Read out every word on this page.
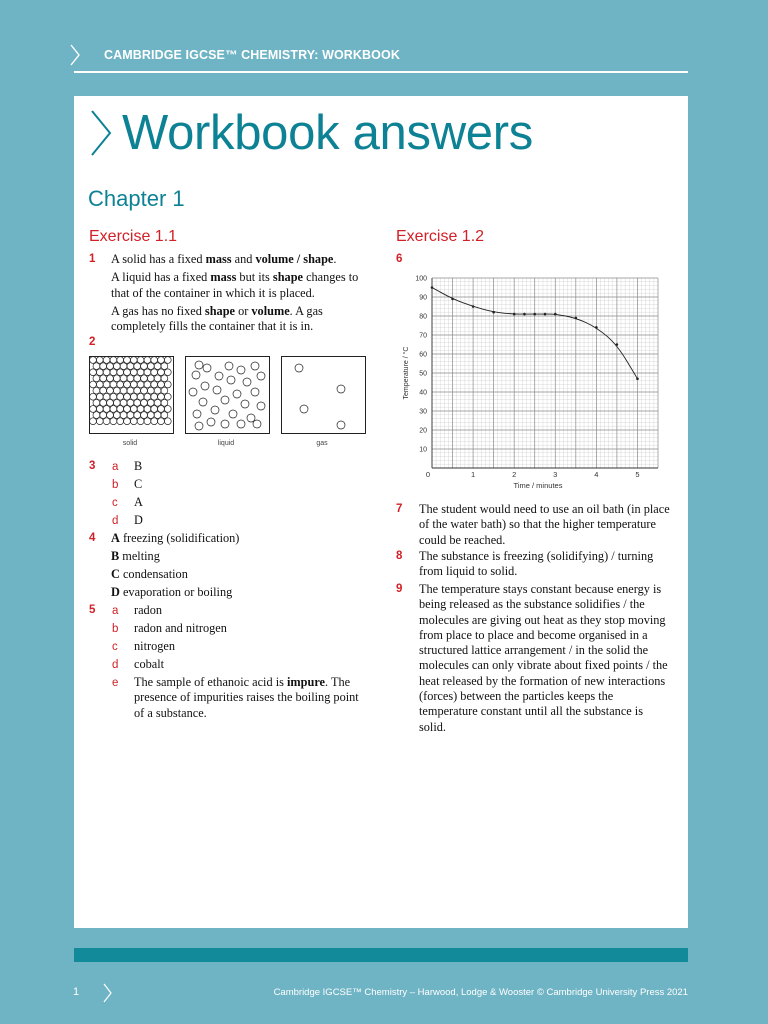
CAMBRIDGE IGCSE™ CHEMISTRY: WORKBOOK
Workbook answers
Chapter 1
Exercise 1.1
1 A solid has a fixed mass and volume / shape.
A liquid has a fixed mass but its shape changes to that of the container in which it is placed.
A gas has no fixed shape or volume. A gas completely fills the container that it is in.
2
solid	liquid	gas
3 a B
b C
c A
d D
4 A freezing (solidification)
B melting
C condensation
D evaporation or boiling
5 a radon
b radon and nitrogen
c nitrogen
d cobalt
e The sample of ethanoic acid is impure. The presence of impurities raises the boiling point of a substance.
Exercise 1.2
6
0	1	2	3	4	5
10
20
30
40
50
60
70
80
90
100
Time / minutes
Temperature / °C
7 The student would need to use an oil bath (in place of the water bath) so that the higher temperature could be reached.
8 The substance is freezing (solidifying) / turning from liquid to solid.
9 The temperature stays constant because energy is being released as the substance solidifies / the molecules are giving out heat as they stop moving from place to place and become organised in a structured lattice arrangement / in the solid the molecules can only vibrate about fixed points / the heat released by the formation of new interactions (forces) between the particles keeps the temperature constant until all the substance is solid.
1	Cambridge IGCSE™ Chemistry – Harwood, Lodge & Wooster © Cambridge University Press 2021
